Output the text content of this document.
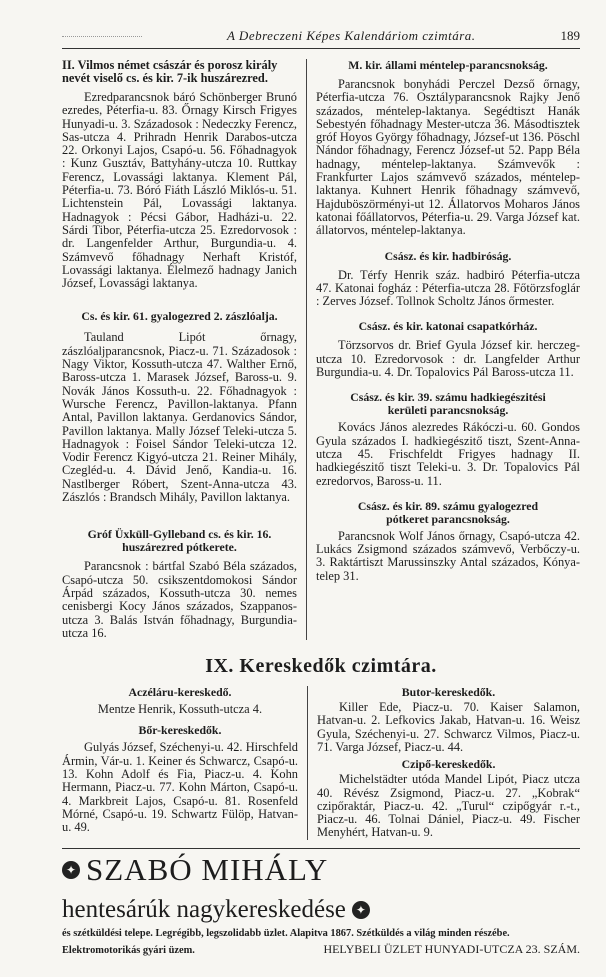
A Debreczeni Képes Kalendáriom czimtára.	189
II. Vilmos német császár és porosz király nevét viselő cs. és kir. 7-ik huszárezred.

Ezredparancsnok báró Schönberger Brunó ezredes, Péterfia-u. 83. Őrnagy Kirsch Frigyes Hunyadi-u. 3. Századosok : Nedeczky Ferencz, Sas-utcza 4. Prihradn Henrik Darabos-utcza 22. Orkonyi Lajos, Csapó-u. 56. Főhadnagyok : Kunz Gusztáv, Battyhány-utcza 10. Ruttkay Ferencz, Lovassági laktanya. Klement Pál, Péterfia-u. 73. Bóró Fiáth László Miklós-u. 51. Lichtenstein Pál, Lovassági laktanya. Hadnagyok : Pécsi Gábor, Hadházi-u. 22. Sárdi Tibor, Péterfia-utcza 25. Ezredorvosok : dr. Langenfelder Arthur, Burgundia-u. 4. Számvevő főhadnagy Nerhaft Kristóf, Lovassági laktanya. Élelmező hadnagy Janich József, Lovassági laktanya.

Cs. és kir. 61. gyalogezred 2. zászlóalja.

Tauland Lipót őrnagy, zászlóaljparancsnok, Piacz-u. 71. Századosok : Nagy Viktor, Kossuth-utcza 47. Walther Ernő, Baross-utcza 1. Marasek József, Baross-u. 9. Novák János Kossuth-u. 22. Főhadnagyok : Wursche Ferencz, Pavillon-laktanya. Pfann Antal, Pavillon laktanya. Gerdanovics Sándor, Pavillon laktanya. Mally József Teleki-utcza 5. Hadnagyok : Foisel Sándor Teleki-utcza 12. Vodir Ferencz Kigyó-utcza 21. Reiner Mihály, Czegléd-u. 4. Dávid Jenő, Kandia-u. 16. Nastlberger Róbert, Szent-Anna-utcza 43. Zászlós : Brandsch Mihály, Pavillon laktanya.

Gróf Üxküll-Gylleband cs. és kir. 16. huszárezred pótkerete.

Parancsnok : bártfal Szabó Béla százados, Csapó-utcza 50. csikszentdomokosi Sándor Árpád százados, Kossuth-utcza 30. nemes cenisbergi Kocy János százados, Szappanos-utcza 3. Balás István főhadnagy, Burgundia-utcza 16.

M. kir. állami méntelep-parancsnokság.

Parancsnok bonyhádi Perczel Dezső őrnagy, Péterfia-utcza 76. Osztályparancsnok Rajky Jenő százados, méntelep-laktanya. Segédtiszt Hanák Sebestyén főhadnagy Mester-utcza 36. Másodtisztek gróf Hoyos György főhadnagy, József-ut 136. Pöschl Nándor főhadnagy, Ferencz József-ut 52. Papp Béla hadnagy, méntelep-laktanya. Számvevők : Frankfurter Lajos számvevő százados, méntelep-laktanya. Kuhnert Henrik főhadnagy számvevő, Hajduböszörményi-ut 12. Állatorvos Moharos János katonai főállatorvos, Péterfia-u. 29. Varga József kat. állatorvos, méntelep-laktanya.

Csász. és kir. hadbiróság.

Dr. Térfy Henrik száz. hadbiró Péterfia-utcza 47. Katonai fogház : Péterfia-utcza 28. Főtörzsfoglár : Zerves József. Tollnok Scholtz János őrmester.

Csász. és kir. katonai csapatkórház.

Törzsorvos dr. Brief Gyula József kir. herczeg-utcza 10. Ezredorvosok : dr. Langfelder Arthur Burgundia-u. 4. Dr. Topalovics Pál Baross-utcza 11.

Csász. és kir. 39. számu hadkiegészitési kerületi parancsnokság.

Kovács János alezredes Rákóczi-u. 60. Gondos Gyula százados I. hadkiegészitő tiszt, Szent-Anna-utcza 45. Frischfeldt Frigyes hadnagy II. hadkiegészitő tiszt Teleki-u. 3. Dr. Topalovics Pál ezredorvos, Baross-u. 11.

Csász. és kir. 89. számu gyalogezred pótkeret parancsnokság.

Parancsnok Wolf János őrnagy, Csapó-utcza 42. Lukács Zsigmond százados számvevő, Verbőczy-u. 3. Raktártiszt Marussinszky Antal százados, Kónya-telep 31.

IX. Kereskedők czimtára.
Aczéláru-kereskedő.
Mentze Henrik, Kossuth-utcza 4.
Bőr-kereskedők.

Gulyás József, Széchenyi-u. 42. Hirschfeld Ármin, Vár-u. 1. Keiner és Schwarcz, Csapó-u. 13. Kohn Adolf és Fia, Piacz-u. 4. Kohn Hermann, Piacz-u. 77. Kohn Márton, Csapó-u. 4. Markbreit Lajos, Csapó-u. 81. Rosenfeld Mórné, Csapó-u. 19. Schwartz Fülöp, Hatvan-u. 49.

Butor-kereskedők.

Killer Ede, Piacz-u. 70. Kaiser Salamon, Hatvan-u. 2. Lefkovics Jakab, Hatvan-u. 16. Weisz Gyula, Széchenyi-u. 27. Schwarcz Vilmos, Piacz-u. 71. Varga József, Piacz-u. 44.

Czipő-kereskedők.

Michelstädter utóda Mandel Lipót, Piacz utcza 40. Révész Zsigmond, Piacz-u. 27. „Kobrak“ czipőraktár, Piacz-u. 42. „Turul“ czipőgyár r.-t., Piacz-u. 46. Tolnai Dániel, Piacz-u. 49. Fischer Menyhért, Hatvan-u. 9.

✦ SZABÓ MIHÁLY
hentesárúk nagykereskedése ✦
és szétküldési telepe. Legrégibb, legszolidabb üzlet. Alapitva 1867. Szétküldés a világ minden részébe.
Elektromotorikás gyári üzem.	HELYBELI ÜZLET HUNYADI-UTCZA 23. SZÁM.
